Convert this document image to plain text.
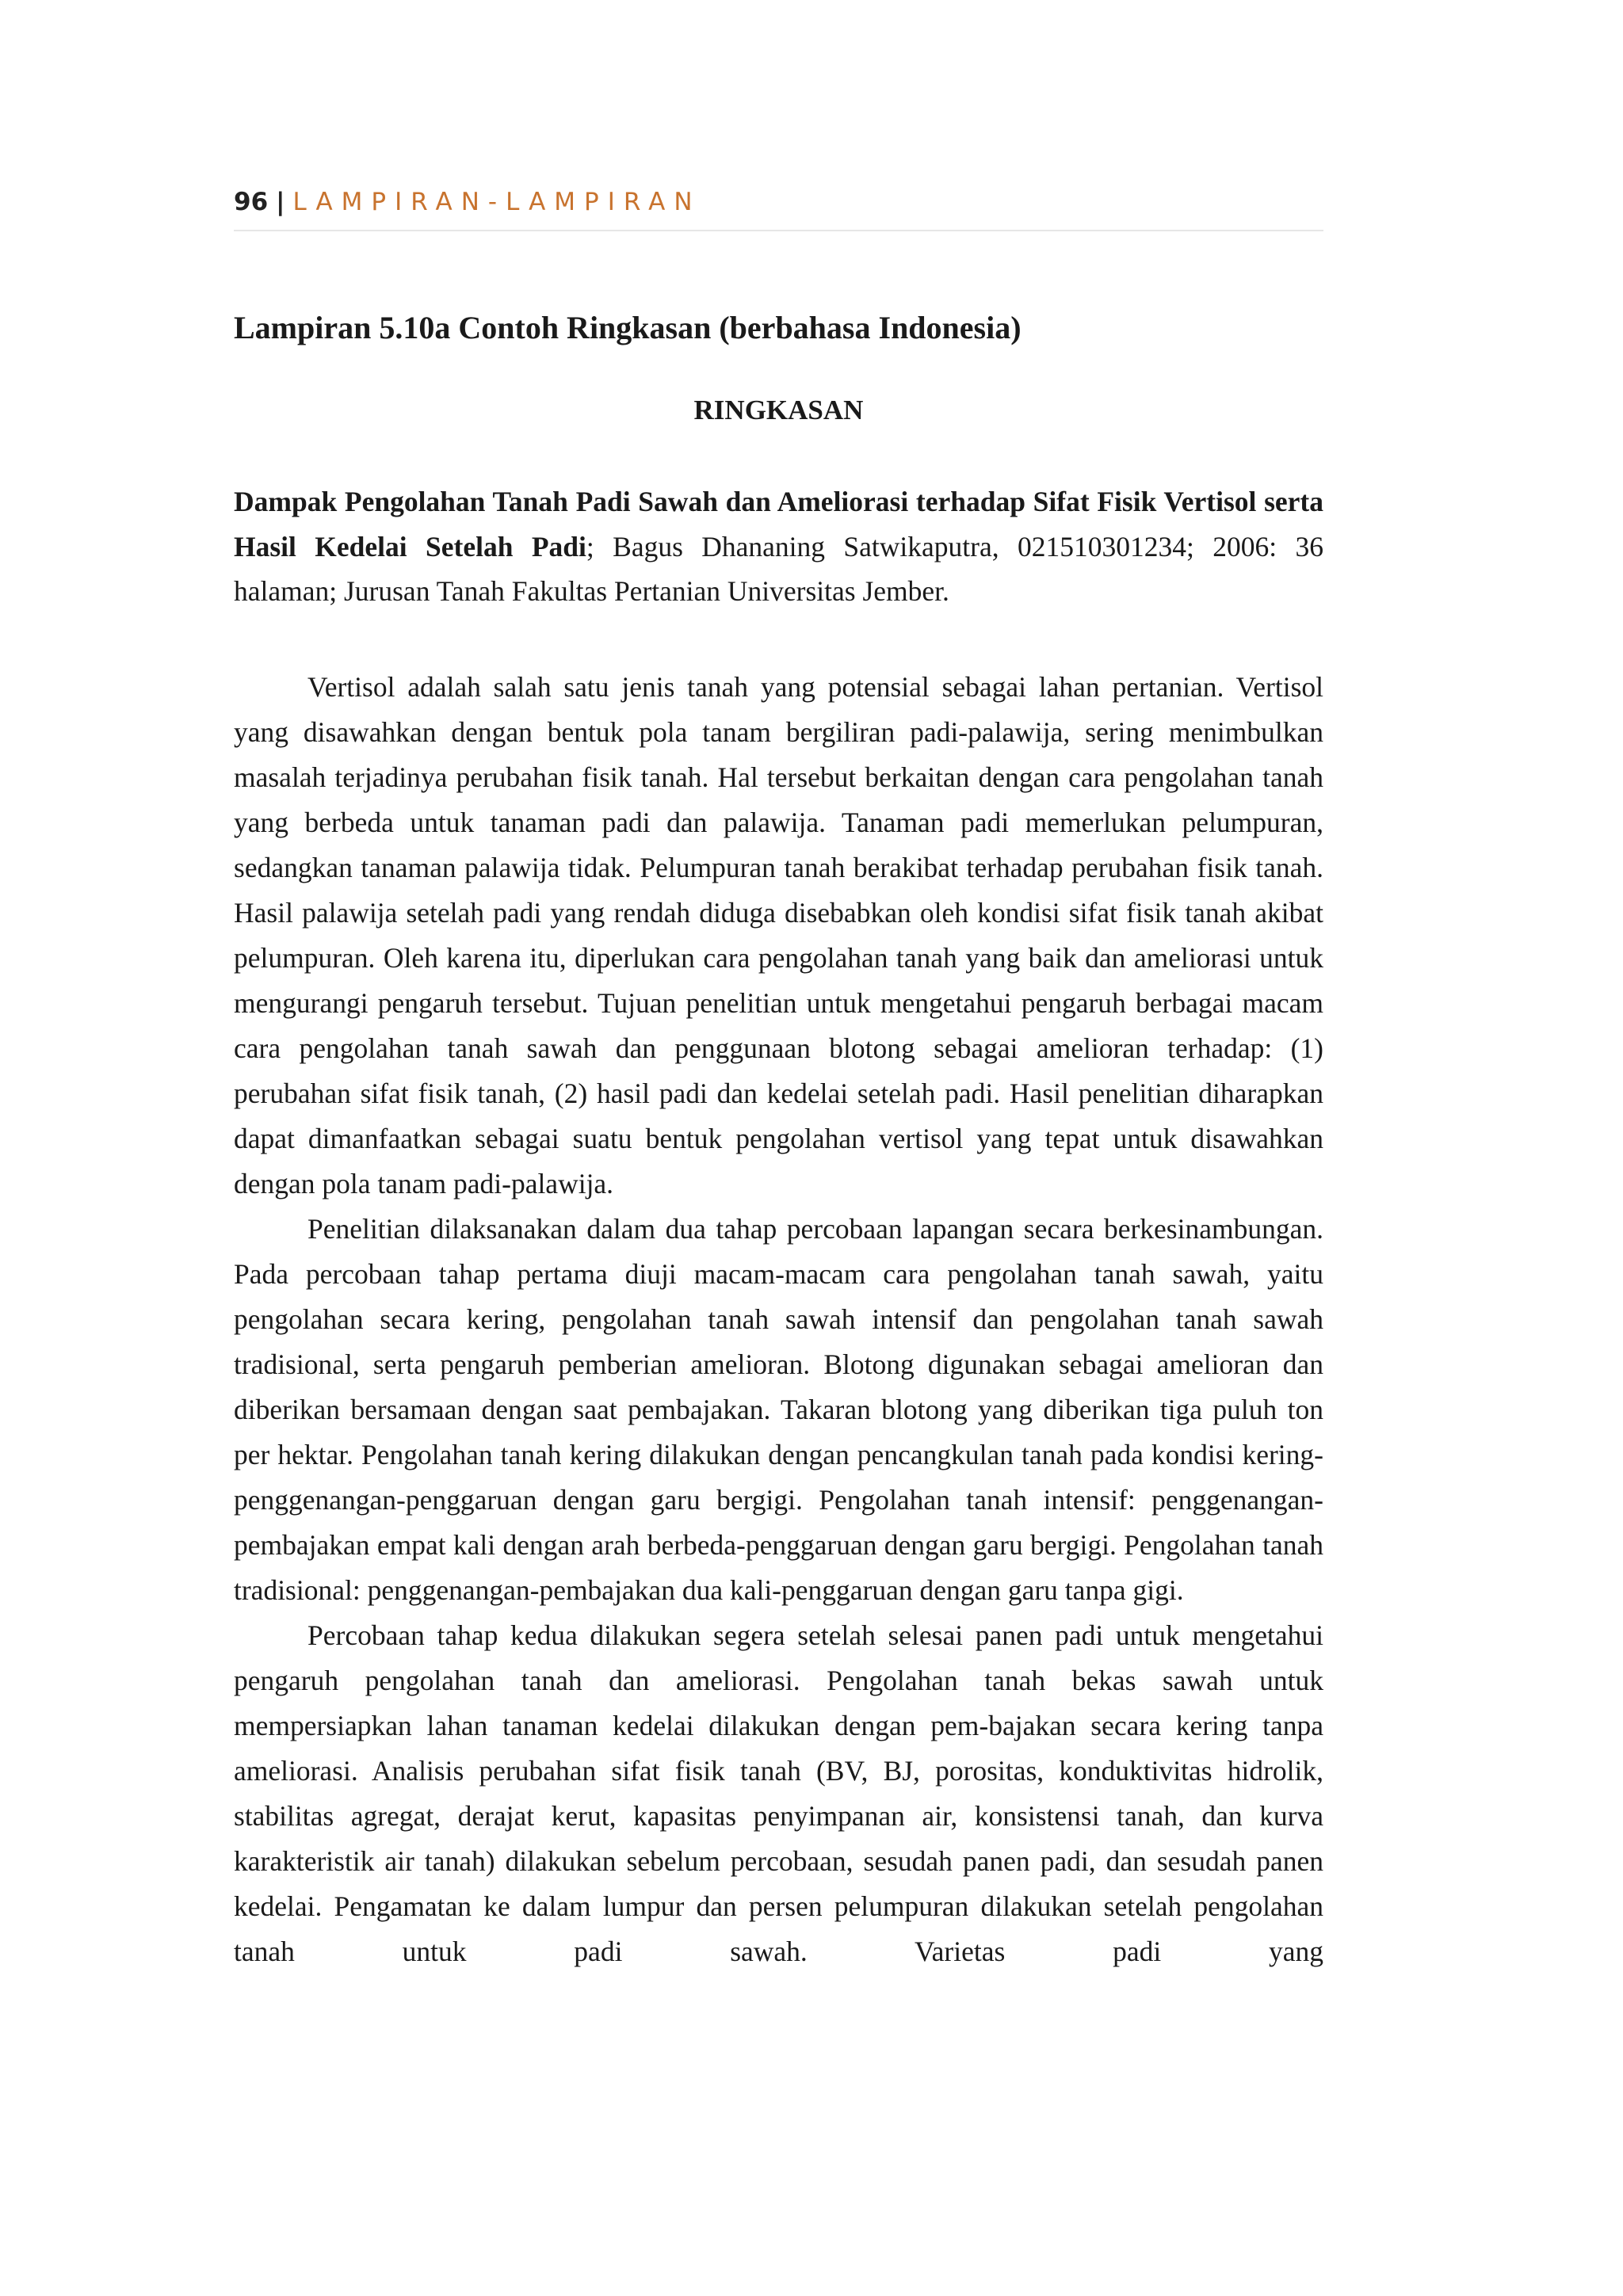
96 | LAMPIRAN-LAMPIRAN
Lampiran 5.10a Contoh Ringkasan (berbahasa Indonesia)
RINGKASAN

Dampak Pengolahan Tanah Padi Sawah dan Ameliorasi terhadap Sifat Fisik Vertisol serta Hasil Kedelai Setelah Padi; Bagus Dhananing Satwikaputra, 021510301234; 2006: 36 halaman; Jurusan Tanah Fakultas Pertanian Universitas Jember.

Vertisol adalah salah satu jenis tanah yang potensial sebagai lahan pertanian. Vertisol yang disawahkan dengan bentuk pola tanam bergiliran padi-palawija, sering menimbulkan masalah terjadinya perubahan fisik tanah. Hal tersebut berkaitan dengan cara pengolahan tanah yang berbeda untuk tanaman padi dan palawija. Tanaman padi memerlukan pelumpuran, sedangkan tanaman palawija tidak. Pelumpuran tanah berakibat terhadap perubahan fisik tanah. Hasil palawija setelah padi yang rendah diduga disebabkan oleh kondisi sifat fisik tanah akibat pelumpuran. Oleh karena itu, diperlukan cara pengolahan tanah yang baik dan ameliorasi untuk mengurangi pengaruh tersebut. Tujuan penelitian untuk mengetahui pengaruh berbagai macam cara pengolahan tanah sawah dan penggunaan blotong sebagai amelioran terhadap: (1) perubahan sifat fisik tanah, (2) hasil padi dan kedelai setelah padi. Hasil penelitian diharapkan dapat dimanfaatkan sebagai suatu bentuk pengolahan vertisol yang tepat untuk disawahkan dengan pola tanam padi-palawija.

Penelitian dilaksanakan dalam dua tahap percobaan lapangan secara berkesinambungan. Pada percobaan tahap pertama diuji macam-macam cara pengolahan tanah sawah, yaitu pengolahan secara kering, pengolahan tanah sawah intensif dan pengolahan tanah sawah tradisional, serta pengaruh pemberian amelioran. Blotong digunakan sebagai amelioran dan diberikan bersamaan dengan saat pembajakan. Takaran blotong yang diberikan tiga puluh ton per hektar. Pengolahan tanah kering dilakukan dengan pencangkulan tanah pada kondisi kering-penggenangan-penggaruan dengan garu bergigi. Pengolahan tanah intensif: penggenangan-pembajakan empat kali dengan arah berbeda-penggaruan dengan garu bergigi. Pengolahan tanah tradisional: penggenangan-pembajakan dua kali-penggaruan dengan garu tanpa gigi.

Percobaan tahap kedua dilakukan segera setelah selesai panen padi untuk mengetahui pengaruh pengolahan tanah dan ameliorasi. Pengolahan tanah bekas sawah untuk mempersiapkan lahan tanaman kedelai dilakukan dengan pem-bajakan secara kering tanpa ameliorasi. Analisis perubahan sifat fisik tanah (BV, BJ, porositas, konduktivitas hidrolik, stabilitas agregat, derajat kerut, kapasitas penyimpanan air, konsistensi tanah, dan kurva karakteristik air tanah) dilakukan sebelum percobaan, sesudah panen padi, dan sesudah panen kedelai. Pengamatan ke dalam lumpur dan persen pelumpuran dilakukan setelah pengolahan tanah untuk padi sawah. Varietas padi yang
